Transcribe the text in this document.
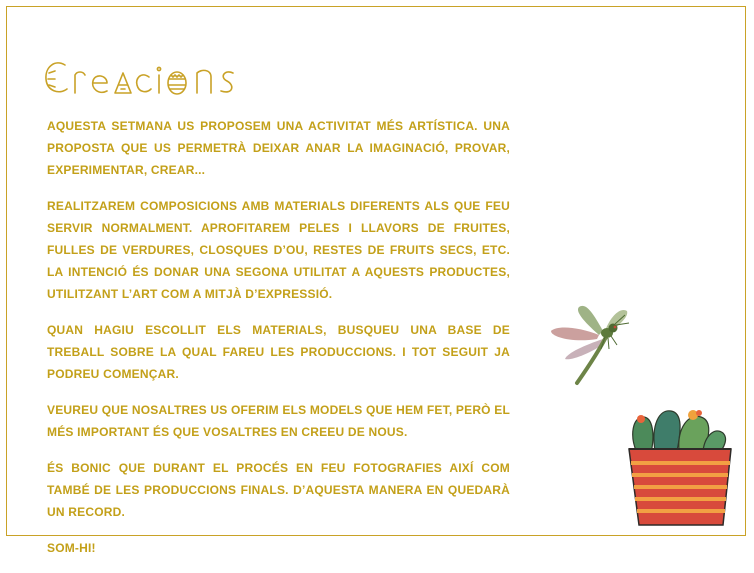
AQUESTA SETMANA US PROPOSEM UNA ACTIVITAT MÉS ARTÍSTICA. UNA PROPOSTA QUE US PERMETRÀ DEIXAR ANAR LA IMAGINACIÓ, PROVAR, EXPERIMENTAR, CREAR...

REALITZAREM COMPOSICIONS AMB MATERIALS DIFERENTS ALS QUE FEU SERVIR NORMALMENT. APROFITAREM PELES I LLAVORS DE FRUITES, FULLES DE VERDURES, CLOSQUES D’OU, RESTES DE FRUITS SECS, ETC. LA INTENCIÓ ÉS DONAR UNA SEGONA UTILITAT A AQUESTS PRODUCTES, UTILITZANT L’ART COM A MITJÀ D’EXPRESSIÓ.

QUAN HAGIU ESCOLLIT ELS MATERIALS, BUSQUEU UNA BASE DE TREBALL SOBRE LA QUAL FAREU LES PRODUCCIONS. I TOT SEGUIT JA PODREU COMENÇAR.

VEUREU QUE NOSALTRES US OFERIM ELS MODELS QUE HEM FET, PERÒ EL MÉS IMPORTANT ÉS QUE VOSALTRES EN CREEU DE NOUS.

ÉS BONIC QUE DURANT EL PROCÉS EN FEU FOTOGRAFIES AIXÍ COM TAMBÉ DE LES PRODUCCIONS FINALS. D’AQUESTA MANERA EN QUEDARÀ UN RECORD.

SOM-HI!
